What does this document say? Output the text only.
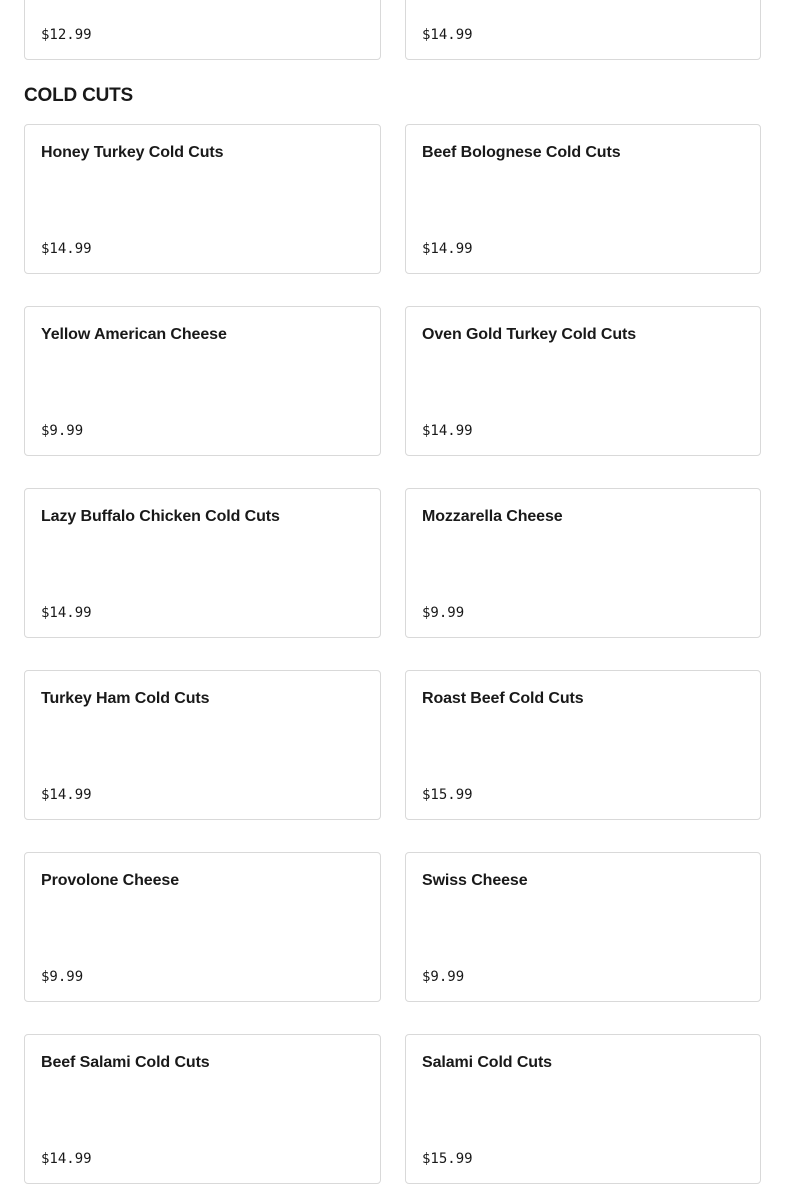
$12.99	$14.99
COLD CUTS
Honey Turkey Cold Cuts
$14.99
Beef Bolognese Cold Cuts
$14.99
Yellow American Cheese
$9.99
Oven Gold Turkey Cold Cuts
$14.99
Lazy Buffalo Chicken Cold Cuts
$14.99
Mozzarella Cheese
$9.99
Turkey Ham Cold Cuts
$14.99
Roast Beef Cold Cuts
$15.99
Provolone Cheese
$9.99
Swiss Cheese
$9.99
Beef Salami Cold Cuts
$14.99
Salami Cold Cuts
$15.99
